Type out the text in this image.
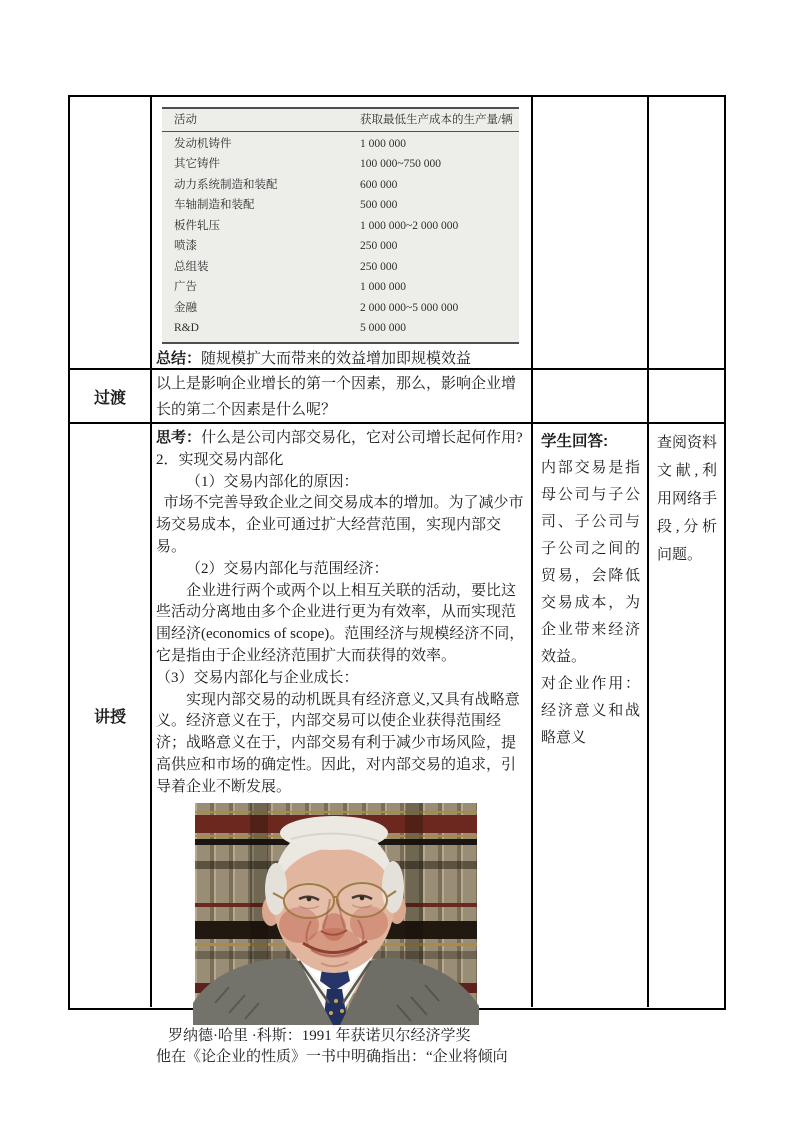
活动	获取最低生产成本的生产量/辆
发动机铸件	1 000 000
其它铸件	100 000~750 000
动力系统制造和装配	600 000
车轴制造和装配	500 000
板件轧压	1 000 000~2 000 000
喷漆	250 000
总组装	250 000
广告	1 000 000
金融	2 000 000~5 000 000
R&D	5 000 000

总结：随规模扩大而带来的效益增加即规模效益

过渡

以上是影响企业增长的第一个因素，那么，影响企业增长的第二个因素是什么呢？

讲授

思考：什么是公司内部交易化，它对公司增长起何作用?

2．实现交易内部化

（1）交易内部化的原因：

市场不完善导致企业之间交易成本的增加。为了减少市场交易成本，企业可通过扩大经营范围，实现内部交易。

（2）交易内部化与范围经济：

企业进行两个或两个以上相互关联的活动，要比这些活动分离地由多个企业进行更为有效率，从而实现范围经济(economics of scope)。范围经济与规模经济不同，它是指由于企业经济范围扩大而获得的效率。

（3）交易内部化与企业成长：

实现内部交易的动机既具有经济意义,又具有战略意义。经济意义在于，内部交易可以使企业获得范围经济；战略意义在于，内部交易有利于减少市场风险，提高供应和市场的确定性。因此，对内部交易的追求，引导着企业不断发展。

罗纳德·哈里 ·科斯：1991 年获诺贝尔经济学奖

他在《论企业的性质》一书中明确指出：“企业将倾向

学生回答:

内部交易是指母公司与子公司、子公司与子公司之间的贸易，会降低交易成本，为企业带来经济效益。

对企业作用：经济意义和战略意义

查阅资料文献,利用网络手段,分析问题。
